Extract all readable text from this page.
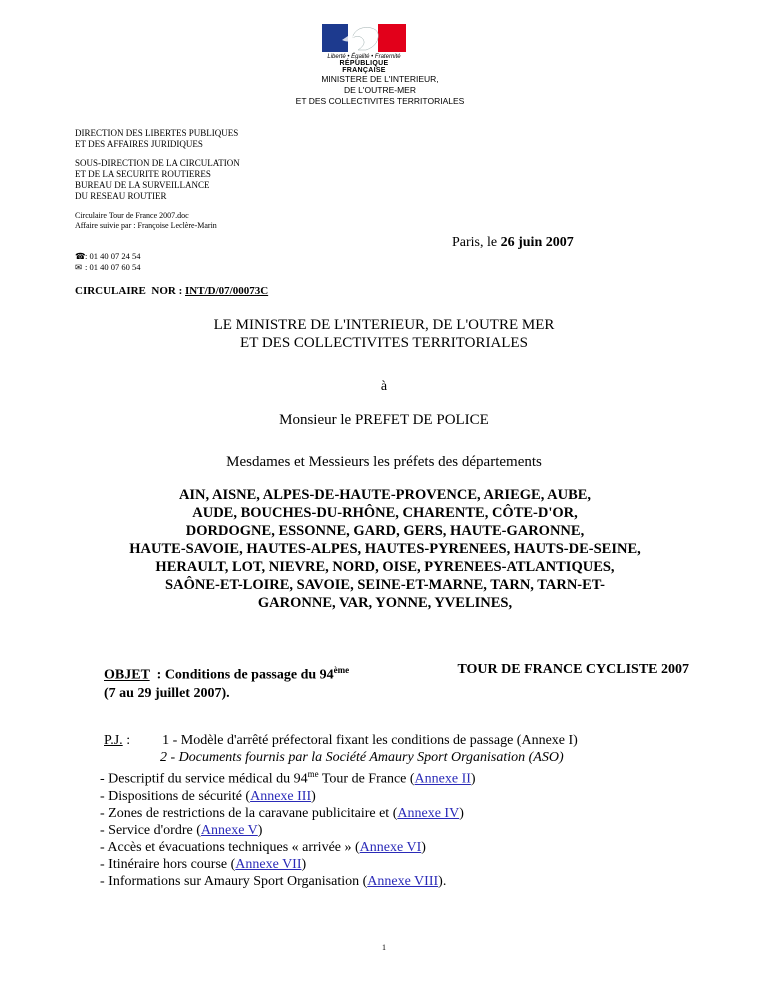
Liberté • Égalité • Fraternité
RÉPUBLIQUE FRANÇAISE
MINISTERE DE L'INTERIEUR,
DE L'OUTRE-MER
ET DES COLLECTIVITES TERRITORIALES
DIRECTION DES LIBERTES PUBLIQUES
ET DES AFFAIRES JURIDIQUES
SOUS-DIRECTION DE LA CIRCULATION
ET DE LA SECURITE ROUTIERES
BUREAU DE LA SURVEILLANCE
DU RESEAU ROUTIER
Circulaire Tour de France 2007.doc
Affaire suivie par : Françoise Leclère-Marin
Paris, le 26 juin 2007
☎: 01 40 07 24 54
✉ : 01 40 07 60 54
CIRCULAIRE  NOR : INT/D/07/00073C
LE MINISTRE DE L'INTERIEUR, DE L'OUTRE MER
ET DES COLLECTIVITES TERRITORIALES
à
Monsieur le PREFET DE POLICE
Mesdames et Messieurs les préfets des départements
AIN, AISNE, ALPES-DE-HAUTE-PROVENCE, ARIEGE, AUBE,
AUDE, BOUCHES-DU-RHÔNE, CHARENTE, CÔTE-D'OR,
DORDOGNE, ESSONNE, GARD, GERS, HAUTE-GARONNE,
HAUTE-SAVOIE, HAUTES-ALPES, HAUTES-PYRENEES, HAUTS-DE-SEINE,
HERAULT, LOT, NIEVRE, NORD, OISE, PYRENEES-ATLANTIQUES,
SAÔNE-ET-LOIRE, SAVOIE, SEINE-ET-MARNE, TARN, TARN-ET-
GARONNE, VAR, YONNE, YVELINES,
OBJET  : Conditions de passage du 94ème	TOUR DE FRANCE CYCLISTE 2007
(7 au 29 juillet 2007).
P.J. : 1 - Modèle d'arrêté préfectoral fixant les conditions de passage (Annexe I)
2 - Documents fournis par la Société Amaury Sport Organisation (ASO)
- Descriptif du service médical du $94^{me}$ Tour de France (Annexe II)
- Dispositions de sécurité (Annexe III)
- Zones de restrictions de la caravane publicitaire et (Annexe IV)
- Service d'ordre (Annexe V)
- Accès et évacuations techniques « arrivée » (Annexe VI)
- Itinéraire hors course (Annexe VII)
- Informations sur Amaury Sport Organisation (Annexe VIII).
1
